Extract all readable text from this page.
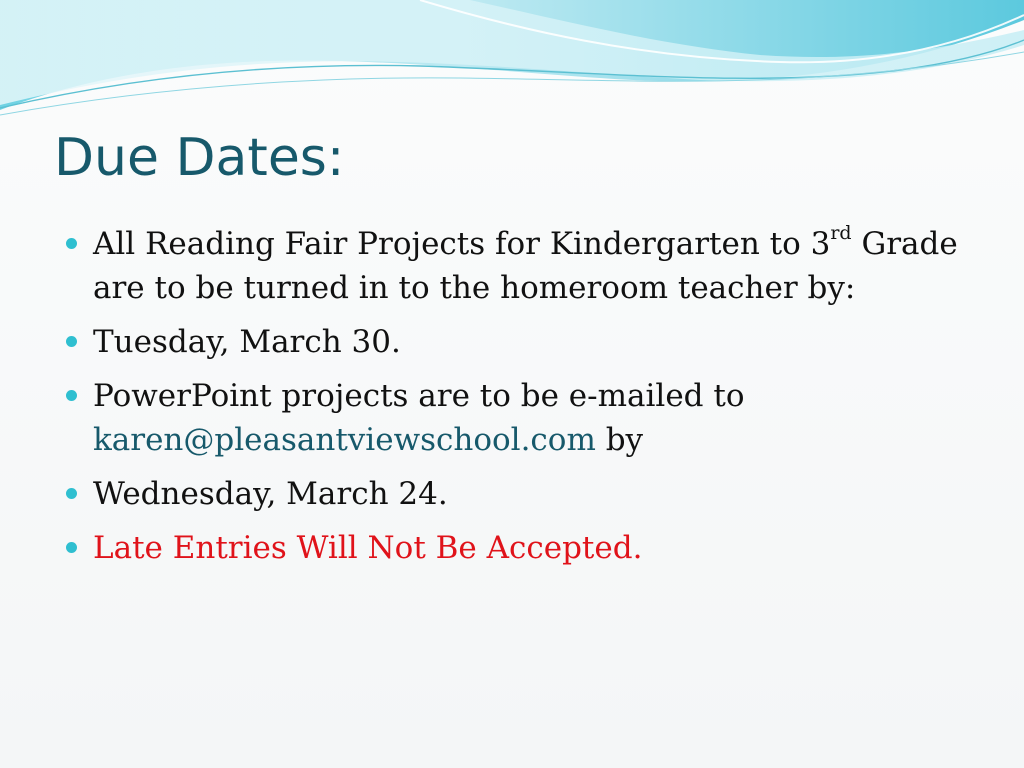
Due Dates:
All Reading Fair Projects for Kindergarten to 3rd Grade are to be turned in to the homeroom teacher by:
Tuesday, March 30.
PowerPoint projects are to be e-mailed to karen@pleasantviewschool.com by
Wednesday, March 24.
Late Entries Will Not Be Accepted.
